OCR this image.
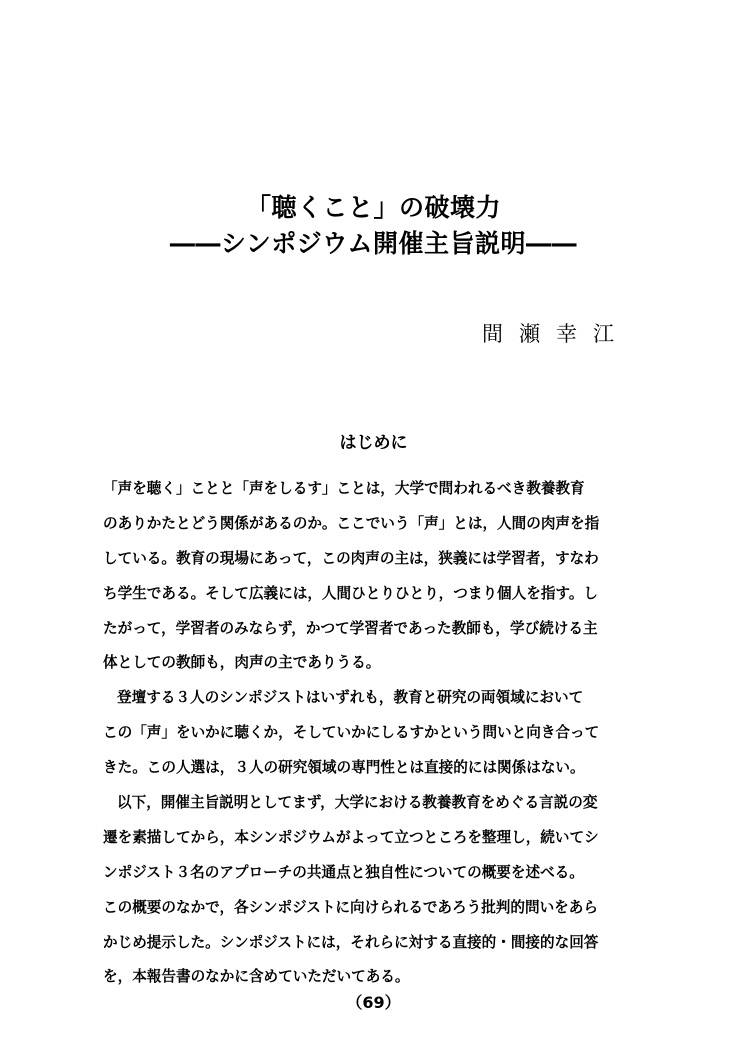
「聴くこと」の破壊力
――シンポジウム開催主旨説明――
間瀬幸江
はじめに
「声を聴く」ことと「声をしるす」ことは，大学で問われるべき教養教育
のありかたとどう関係があるのか。ここでいう「声」とは，人間の肉声を指
している。教育の現場にあって，この肉声の主は，狭義には学習者，すなわ
ち学生である。そして広義には，人間ひとりひとり，つまり個人を指す。し
たがって，学習者のみならず，かつて学習者であった教師も，学び続ける主
体としての教師も，肉声の主でありうる。
登壇する３人のシンポジストはいずれも，教育と研究の両領域において
この「声」をいかに聴くか，そしていかにしるすかという問いと向き合って
きた。この人選は，３人の研究領域の専門性とは直接的には関係はない。
以下，開催主旨説明としてまず，大学における教養教育をめぐる言説の変
遷を素描してから，本シンポジウムがよって立つところを整理し，続いてシ
ンポジスト３名のアプローチの共通点と独自性についての概要を述べる。
この概要のなかで，各シンポジストに向けられるであろう批判的問いをあら
かじめ提示した。シンポジストには，それらに対する直接的・間接的な回答
を，本報告書のなかに含めていただいてある。
（69）
